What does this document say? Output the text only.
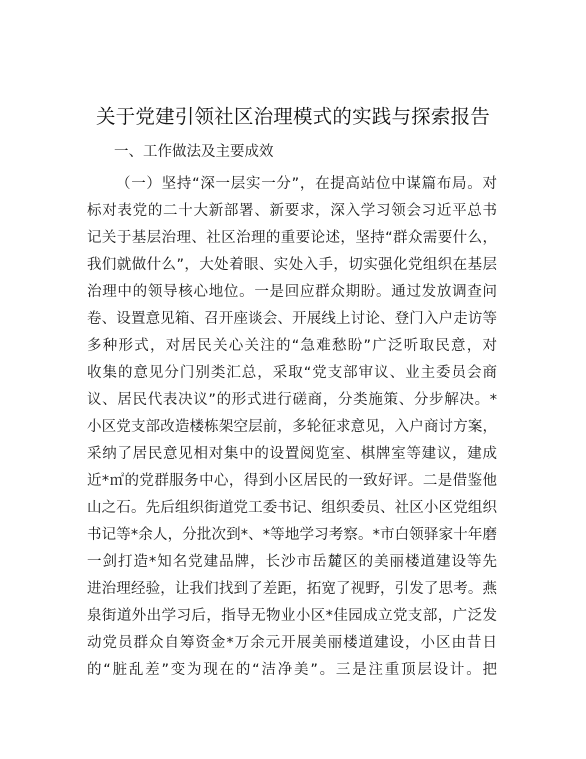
关于党建引领社区治理模式的实践与探索报告
一、工作做法及主要成效
（一）坚持“深一层实一分”，在提高站位中谋篇布局。对
标对表党的二十大新部署、新要求，深入学习领会习近平总书
记关于基层治理、社区治理的重要论述，坚持“群众需要什么，
我们就做什么”，大处着眼、实处入手，切实强化党组织在基层
治理中的领导核心地位。一是回应群众期盼。通过发放调查问
卷、设置意见箱、召开座谈会、开展线上讨论、登门入户走访等
多种形式，对居民关心关注的“急难愁盼”广泛听取民意，对
收集的意见分门别类汇总，采取“党支部审议、业主委员会商
议、居民代表决议”的形式进行磋商，分类施策、分步解决。*
小区党支部改造楼栋架空层前，多轮征求意见，入户商讨方案，
采纳了居民意见相对集中的设置阅览室、棋牌室等建议，建成
近*㎡的党群服务中心，得到小区居民的一致好评。二是借鉴他
山之石。先后组织街道党工委书记、组织委员、社区小区党组织
书记等*余人，分批次到*、*等地学习考察。*市白领驿家十年磨
一剑打造*知名党建品牌，长沙市岳麓区的美丽楼道建设等先
进治理经验，让我们找到了差距，拓宽了视野，引发了思考。燕
泉街道外出学习后，指导无物业小区*佳园成立党支部，广泛发
动党员群众自筹资金*万余元开展美丽楼道建设，小区由昔日
的“脏乱差”变为现在的“洁净美”。三是注重顶层设计。把
